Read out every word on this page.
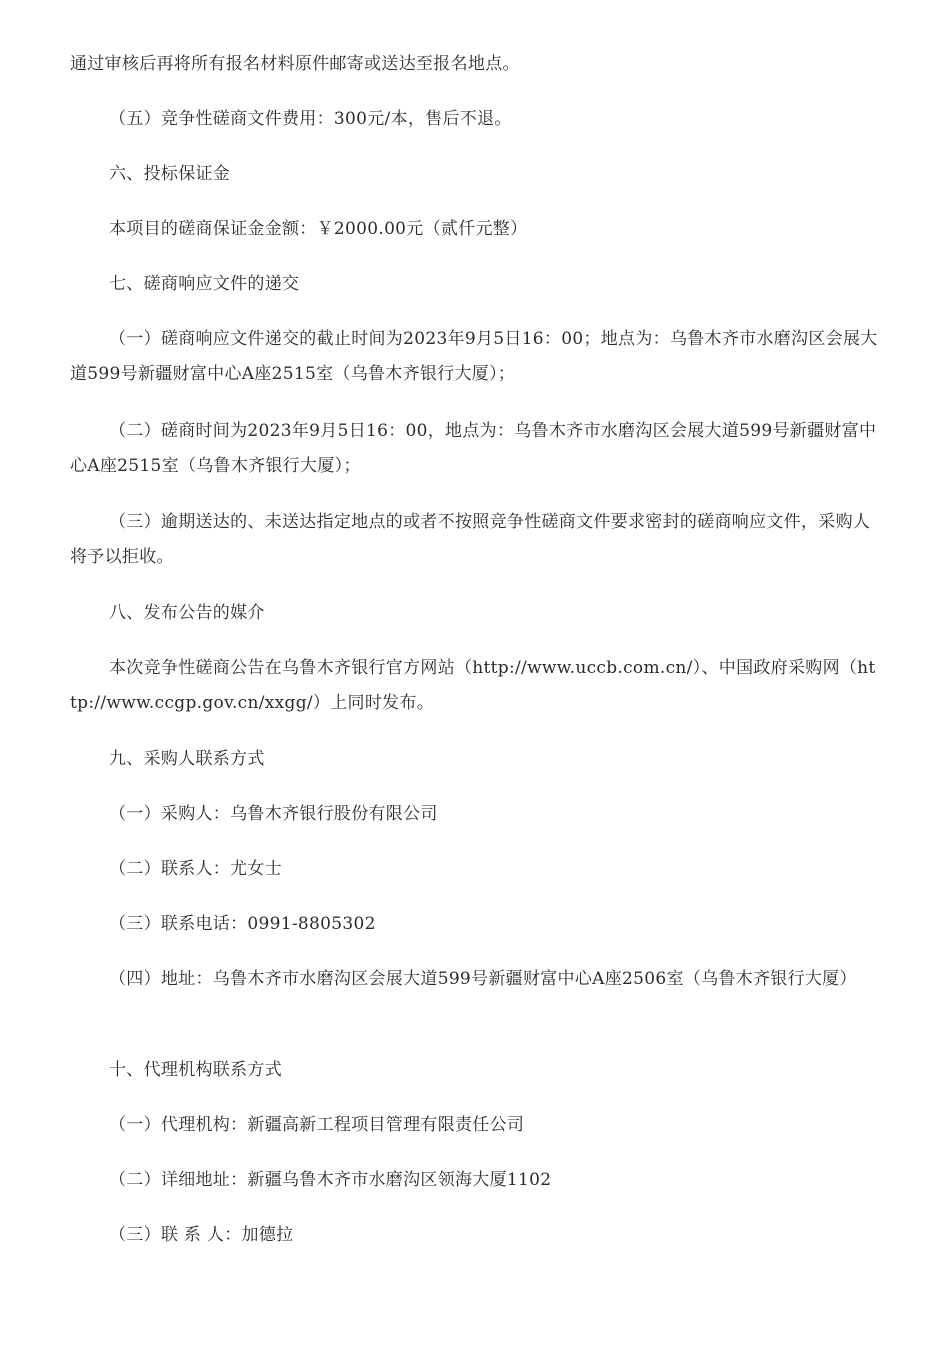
通过审核后再将所有报名材料原件邮寄或送达至报名地点。

（五）竞争性磋商文件费用：300元/本，售后不退。

六、投标保证金

本项目的磋商保证金金额：￥2000.00元（贰仟元整）

七、磋商响应文件的递交

（一）磋商响应文件递交的截止时间为2023年9月5日16：00；地点为：乌鲁木齐市水磨沟区会展大道599号新疆财富中心A座2515室（乌鲁木齐银行大厦）；

（二）磋商时间为2023年9月5日16：00，地点为：乌鲁木齐市水磨沟区会展大道599号新疆财富中心A座2515室（乌鲁木齐银行大厦）；

（三）逾期送达的、未送达指定地点的或者不按照竞争性磋商文件要求密封的磋商响应文件，采购人将予以拒收。

八、发布公告的媒介

本次竞争性磋商公告在乌鲁木齐银行官方网站（http://www.uccb.com.cn/）、中国政府采购网（http://www.ccgp.gov.cn/xxgg/）上同时发布。

九、采购人联系方式

（一）采购人：乌鲁木齐银行股份有限公司

（二）联系人：尤女士

（三）联系电话：0991-8805302

（四）地址：乌鲁木齐市水磨沟区会展大道599号新疆财富中心A座2506室（乌鲁木齐银行大厦）

十、代理机构联系方式

（一）代理机构：新疆高新工程项目管理有限责任公司

（二）详细地址：新疆乌鲁木齐市水磨沟区领海大厦1102

（三）联 系 人：加德拉
